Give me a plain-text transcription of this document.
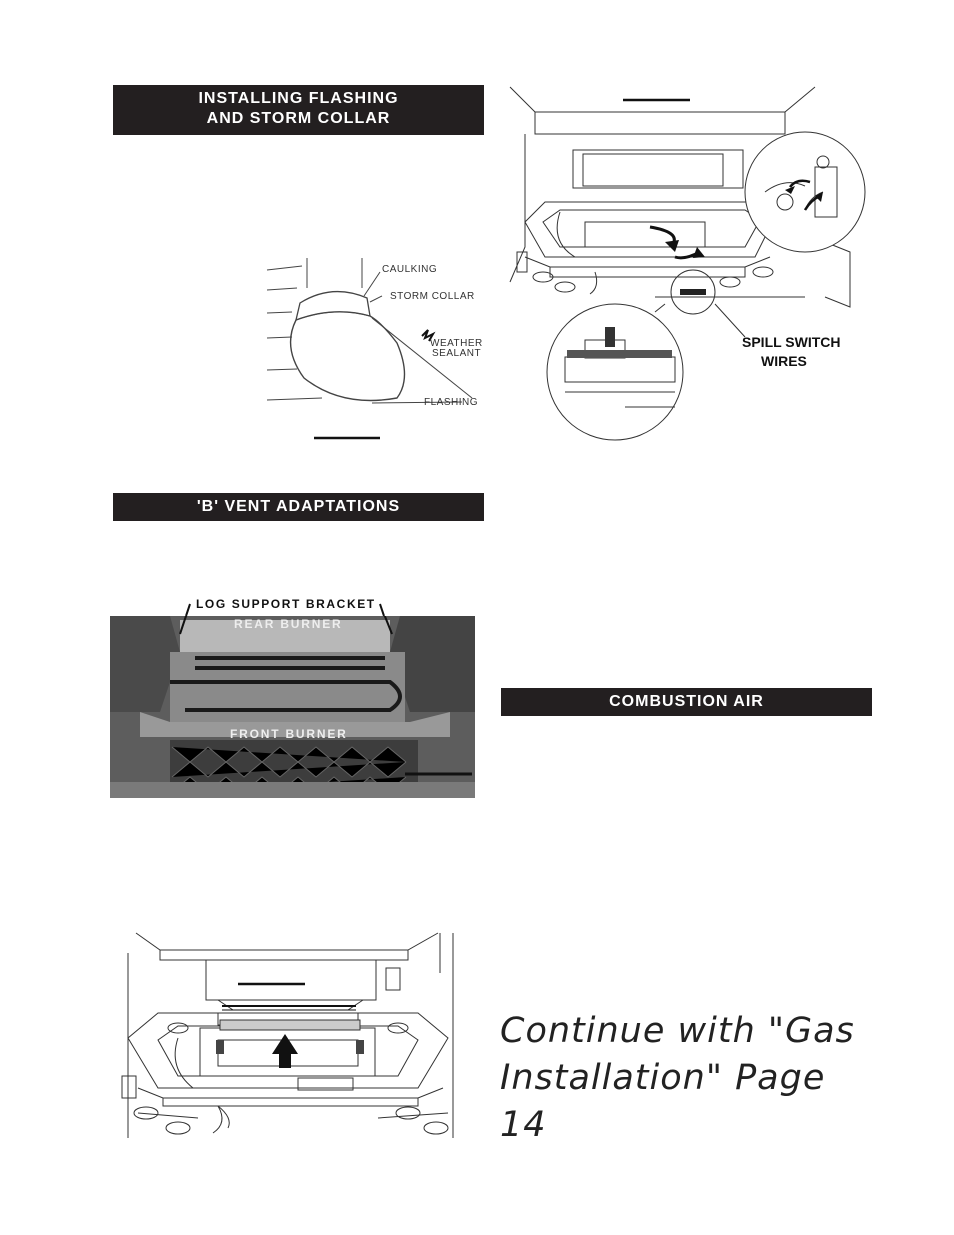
INSTALLING FLASHING
AND STORM COLLAR
CAULKING
STORM COLLAR
WEATHER
SEALANT
FLASHING
'B' VENT ADAPTATIONS
LOG SUPPORT BRACKET
REAR BURNER
FRONT BURNER
SPILL SWITCH
WIRES
COMBUSTION AIR
Continue with "Gas
Installation" Page 14
